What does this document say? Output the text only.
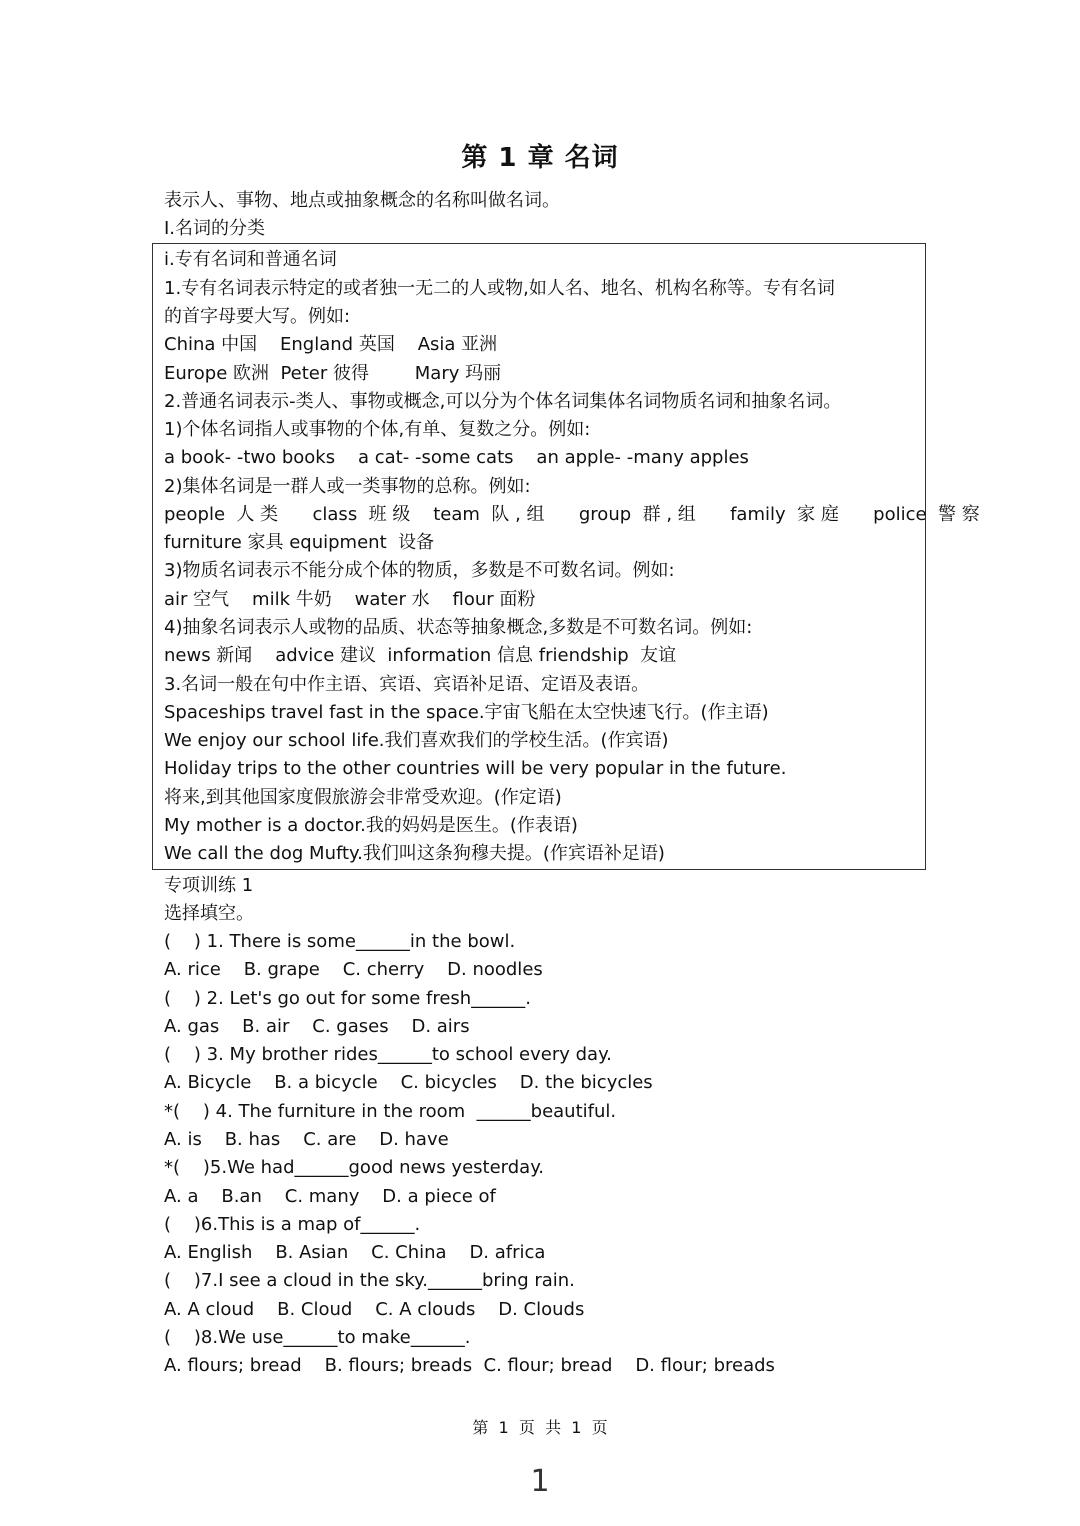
第 1 章 名词
表示人、事物、地点或抽象概念的名称叫做名词。
I.名词的分类
i.专有名词和普通名词
1.专有名词表示特定的或者独一无二的人或物,如人名、地名、机构名称等。专有名词
的首字母要大写。例如:
China 中国    England 英国    Asia 亚洲
Europe 欧洲  Peter 彼得        Mary 玛丽
2.普通名词表示-类人、事物或概念,可以分为个体名词集体名词物质名词和抽象名词。
1)个体名词指人或事物的个体,有单、复数之分。例如:
a book- -two books    a cat- -some cats    an apple- -many apples
2)集体名词是一群人或一类事物的总称。例如:
people  人 类      class  班 级    team  队 , 组      group  群 , 组      family  家 庭      police  警 察
furniture 家具 equipment  设备
3)物质名词表示不能分成个体的物质，多数是不可数名词。例如:
air 空气    milk 牛奶    water 水    flour 面粉
4)抽象名词表示人或物的品质、状态等抽象概念,多数是不可数名词。例如:
news 新闻    advice 建议  information 信息 friendship  友谊
3.名词一般在句中作主语、宾语、宾语补足语、定语及表语。
Spaceships travel fast in the space.宇宙飞船在太空快速飞行。(作主语)
We enjoy our school life.我们喜欢我们的学校生活。(作宾语)
Holiday trips to the other countries will be very popular in the future.
将来,到其他国家度假旅游会非常受欢迎。(作定语)
My mother is a doctor.我的妈妈是医生。(作表语)
We call the dog Mufty.我们叫这条狗穆夫提。(作宾语补足语)
专项训练 1
选择填空。
(    ) 1. There is some______in the bowl.
A. rice    B. grape    C. cherry    D. noodles
(    ) 2. Let's go out for some fresh______.
A. gas    B. air    C. gases    D. airs
(    ) 3. My brother rides______to school every day.
A. Bicycle    B. a bicycle    C. bicycles    D. the bicycles
*(    ) 4. The furniture in the room  ______beautiful.
A. is    B. has    C. are    D. have
*(    )5.We had______good news yesterday.
A. a    B.an    C. many    D. a piece of
(    )6.This is a map of______.
A. English    B. Asian    C. China    D. africa
(    )7.I see a cloud in the sky.______bring rain.
A. A cloud    B. Cloud    C. A clouds    D. Clouds
(    )8.We use______to make______.
A. flours; bread    B. flours; breads  C. flour; bread    D. flour; breads
第  1  页  共  1  页
1
